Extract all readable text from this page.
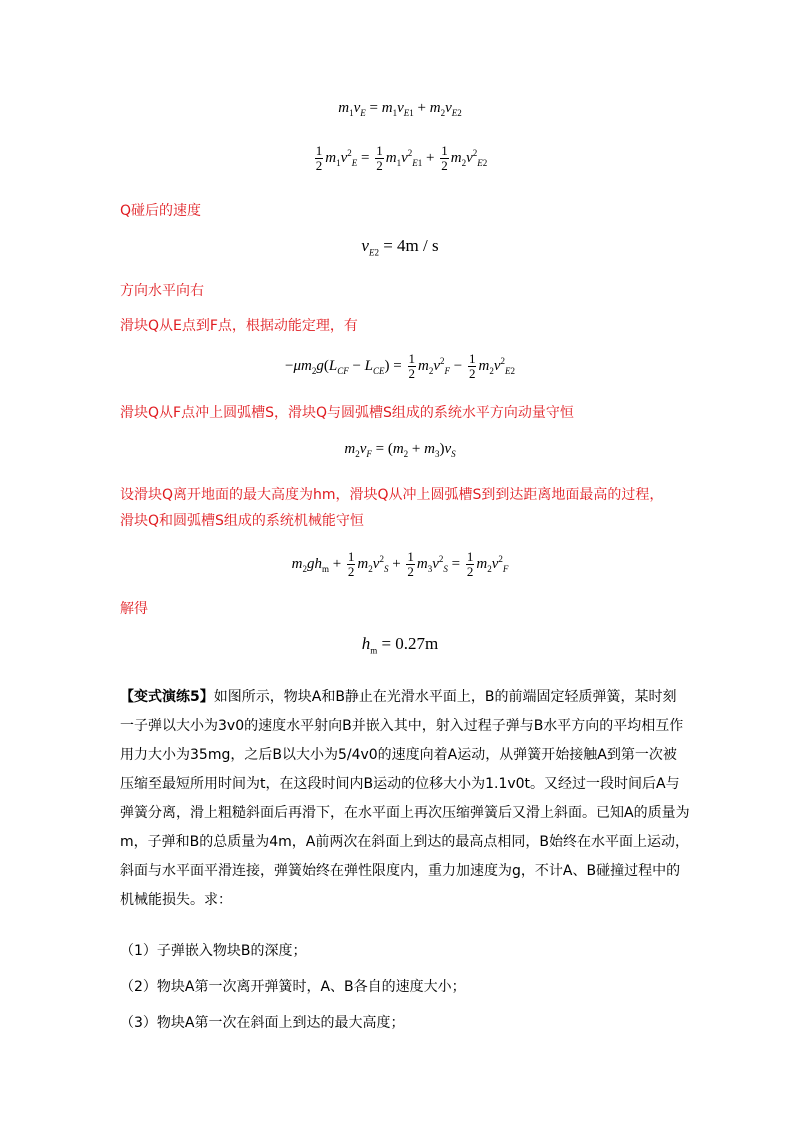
$m_1v_E = m_1v_{E1} + m_2v_{E2}$
$\frac{1}{2} m_1v^2_E = \frac{1}{2} m_1v^2_{E1} + \frac{1}{2} m_2v^2_{E2}$
Q碰后的速度
$v_{E2} = 4m / s$
方向水平向右
滑块Q从E点到F点，根据动能定理，有
$-\mu m_2g(L_{CF} - L_{CE}) = \frac{1}{2} m_2v^2_F - \frac{1}{2} m_2v^2_{E2}$
滑块Q从F点冲上圆弧槽S，滑块Q与圆弧槽S组成的系统水平方向动量守恒
$m_2v_F = (m_2 + m_3)v_S$
设滑块Q离开地面的最大高度为hm，滑块Q从冲上圆弧槽S到到达距离地面最高的过程，
滑块Q和圆弧槽S组成的系统机械能守恒
$m_2gh_m + \frac{1}{2} m_2v^2_S + \frac{1}{2} m_3v^2_S = \frac{1}{2} m_2v^2_F$
解得
$h_m = 0.27m$
【变式演练5】如图所示，物块A和B静止在光滑水平面上，B的前端固定轻质弹簧，某时刻一子弹以大小为3v0的速度水平射向B并嵌入其中，射入过程子弹与B水平方向的平均相互作用力大小为35mg，之后B以大小为5/4v0的速度向着A运动，从弹簧开始接触A到第一次被压缩至最短所用时间为t，在这段时间内B运动的位移大小为1.1v0t。又经过一段时间后A与弹簧分离，滑上粗糙斜面后再滑下，在水平面上再次压缩弹簧后又滑上斜面。已知A的质量为m，子弹和B的总质量为4m，A前两次在斜面上到达的最高点相同，B始终在水平面上运动，斜面与水平面平滑连接，弹簧始终在弹性限度内，重力加速度为g，不计A、B碰撞过程中的机械能损失。求：
（1）子弹嵌入物块B的深度；
（2）物块A第一次离开弹簧时，A、B各自的速度大小；
（3）物块A第一次在斜面上到达的最大高度；
